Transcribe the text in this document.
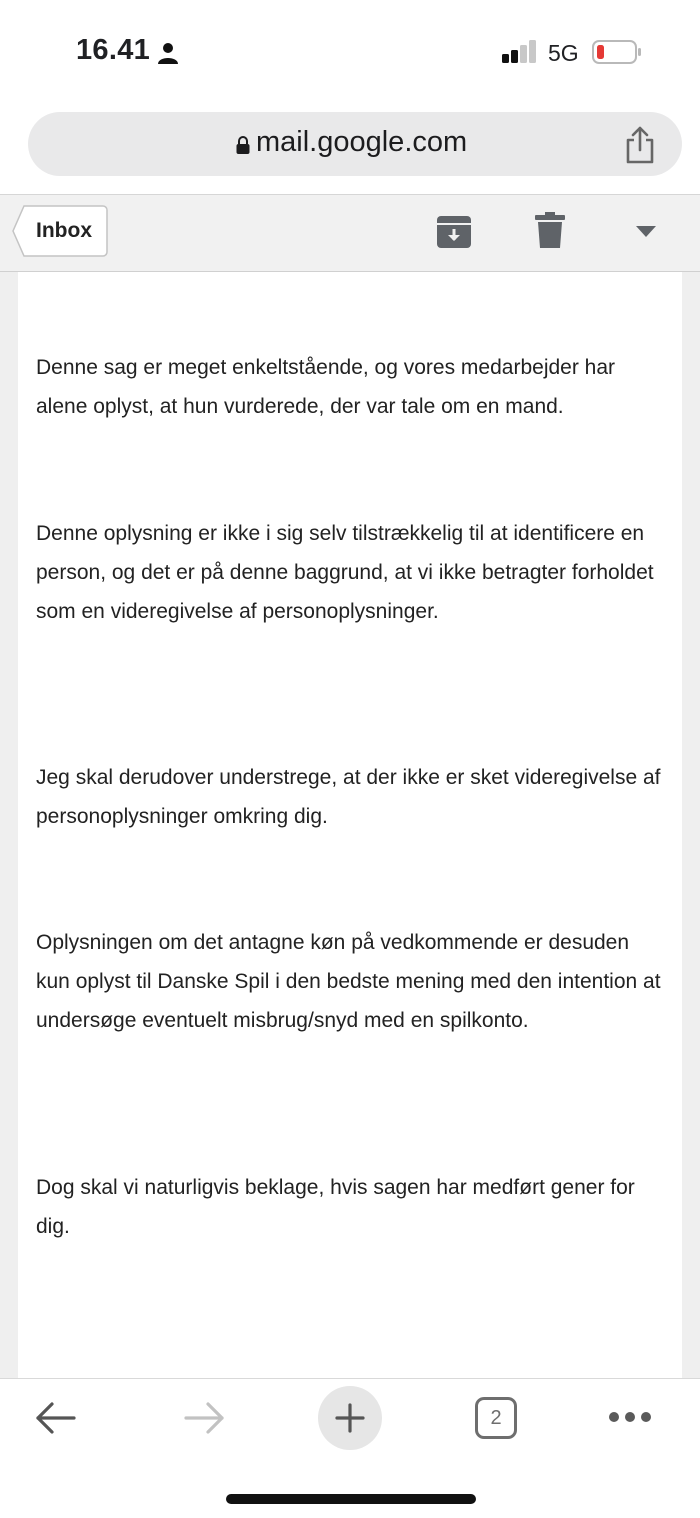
16.41	5G
mail.google.com
Inbox

Denne sag er meget enkeltstående, og vores medarbejder har alene oplyst, at hun vurderede, der var tale om en mand.

Denne oplysning er ikke i sig selv tilstrækkelig til at identificere en person, og det er på denne baggrund, at vi ikke betragter forholdet som en videregivelse af personoplysninger.

Jeg skal derudover understrege, at der ikke er sket videregivelse af personoplysninger omkring dig.

Oplysningen om det antagne køn på vedkommende er desuden kun oplyst til Danske Spil i den bedste mening med den intention at undersøge eventuelt misbrug/snyd med en spilkonto.

Dog skal vi naturligvis beklage, hvis sagen har medført gener for dig.

2
